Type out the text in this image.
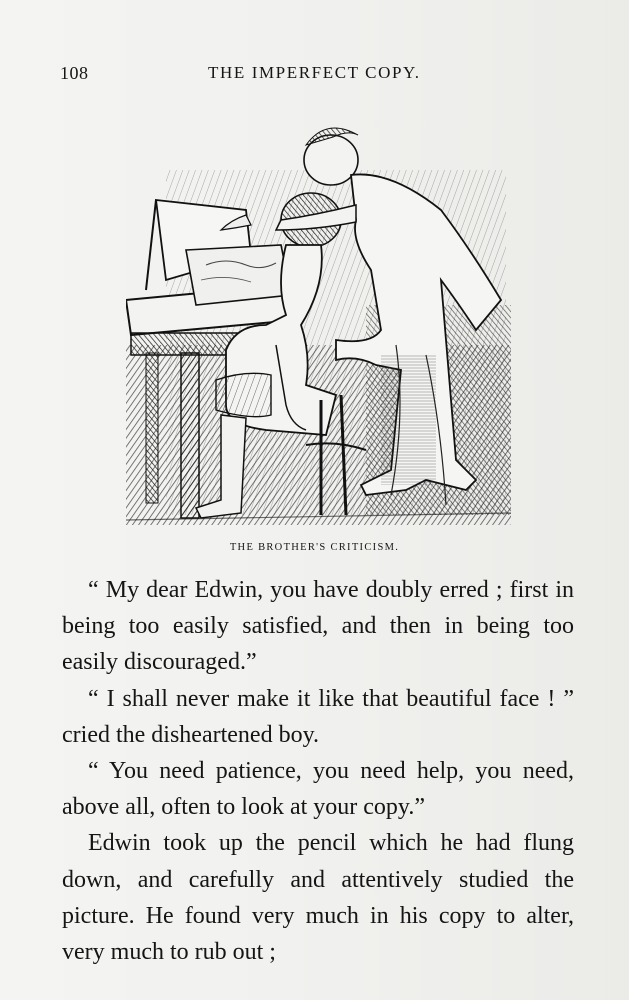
108	THE IMPERFECT COPY.
THE BROTHER'S CRITICISM.

“ My dear Edwin, you have doubly erred ; first in being too easily satisfied, and then in being too easily discouraged.”

“ I shall never make it like that beautiful face ! ” cried the disheartened boy.

“ You need patience, you need help, you need, above all, often to look at your copy.”

Edwin took up the pencil which he had flung down, and carefully and attentively studied the picture. He found very much in his copy to alter, very much to rub out ;
